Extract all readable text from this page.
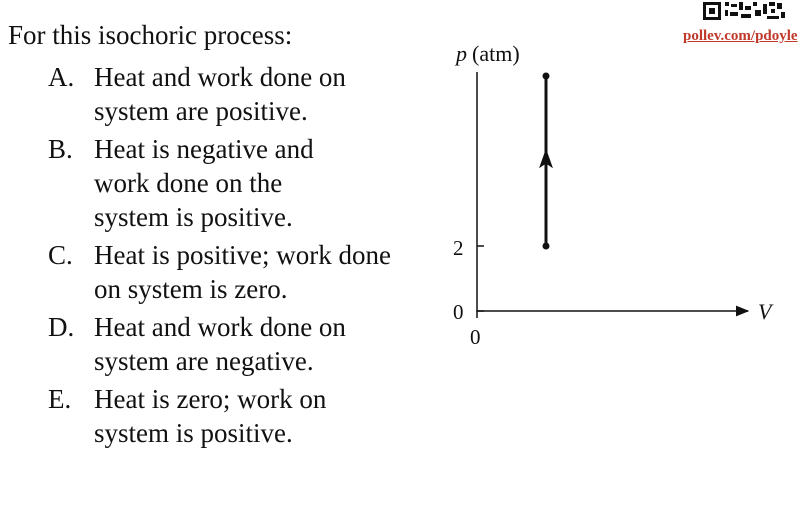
For this isochoric process:

A. Heat and work done on system are positive.
B. Heat is negative and work done on the system is positive.
C. Heat is positive; work done on system is zero.
D. Heat and work done on system are negative.
E. Heat is zero; work on system is positive.
pollev.com/pdoyle
p (atm)
2
0
0
V
